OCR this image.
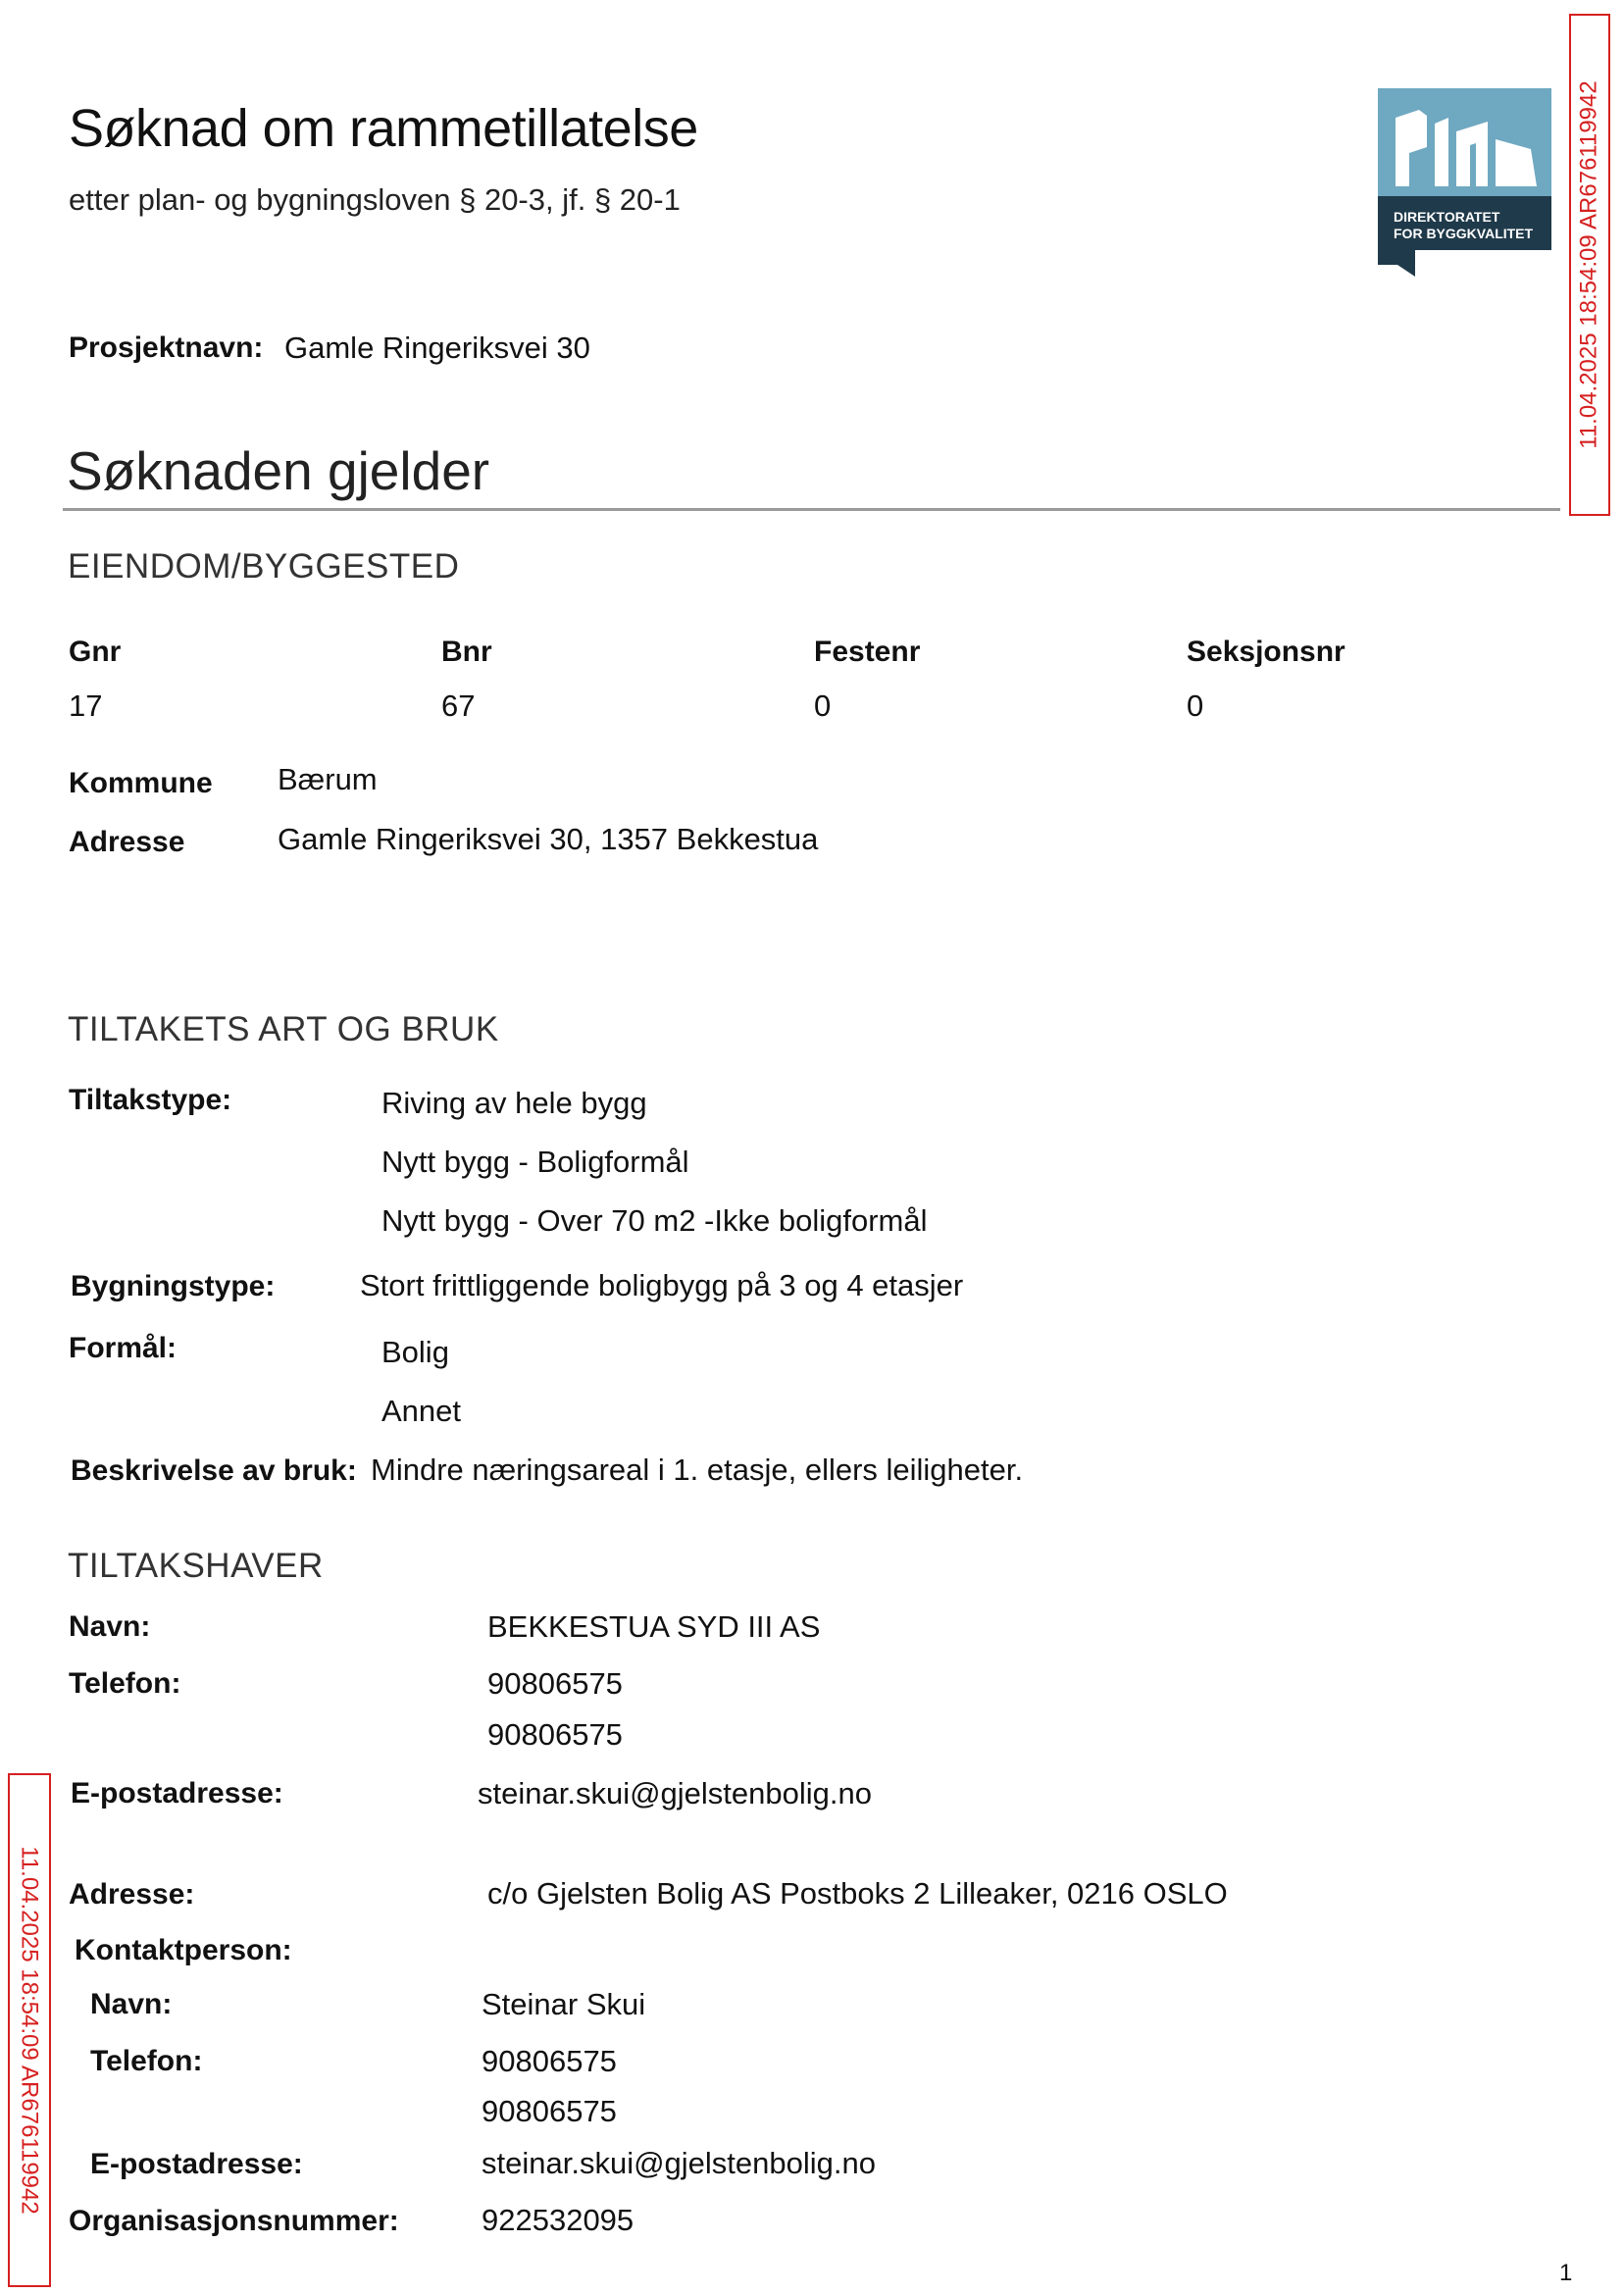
Søknad om rammetillatelse
etter plan- og bygningsloven § 20-3, jf. § 20-1	DIREKTORATET
FOR BYGGKVALITET 11.04.2025 18:54:09 AR676119942
Prosjektnavn: Gamle Ringeriksvei 30
Søknaden gjelder
EIENDOM/BYGGESTED
Gnr	Bnr	Festenr	Seksjonsnr
17	67	0	0
Kommune Bærum
Adresse	Gamle Ringeriksvei 30, 1357 Bekkestua
TILTAKETS ART OG BRUK
Tiltakstype:	Riving av hele bygg
Nytt bygg - Boligformål
Nytt bygg - Over 70 m2 -Ikke boligformål
Bygningstype:	Stort frittliggende boligbygg på 3 og 4 etasjer
Formål:	Bolig
Annet
Beskrivelse av bruk: Mindre næringsareal i 1. etasje, ellers leiligheter.
TILTAKSHAVER
Navn:	BEKKESTUA SYD III AS
Telefon:	90806575
90806575
E-postadresse:	steinar.skui@gjelstenbolig.no
Adresse:	c/o Gjelsten Bolig AS Postboks 2 Lilleaker, 0216 OSLO
Kontaktperson:
Navn:	Steinar Skui
Telefon:	90806575
90806575
E-postadresse:	steinar.skui@gjelstenbolig.no
Organisasjonsnummer:	922532095
11.04.2025 18:54:09 AR676119942
1
